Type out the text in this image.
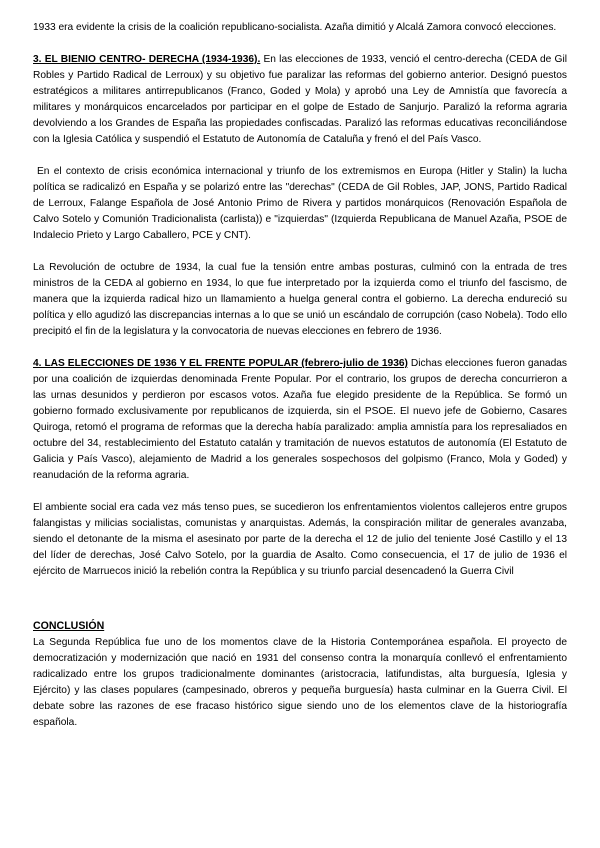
1933 era evidente la crisis de la coalición republicano-socialista. Azaña dimitió y Alcalá Zamora convocó elecciones.

3. EL BIENIO CENTRO- DERECHA (1934-1936). En las elecciones de 1933, venció el centro-derecha (CEDA de Gil Robles y Partido Radical de Lerroux) y su objetivo fue paralizar las reformas del gobierno anterior. Designó puestos estratégicos a militares antirrepublicanos (Franco, Goded y Mola) y aprobó una Ley de Amnistía que favorecía a militares y monárquicos encarcelados por participar en el golpe de Estado de Sanjurjo. Paralizó la reforma agraria devolviendo a los Grandes de España las propiedades confiscadas. Paralizó las reformas educativas reconciliándose con la Iglesia Católica y suspendió el Estatuto de Autonomía de Cataluña y frenó el del País Vasco.

En el contexto de crisis económica internacional y triunfo de los extremismos en Europa (Hitler y Stalin) la lucha política se radicalizó en España y se polarizó entre las "derechas" (CEDA de Gil Robles, JAP, JONS, Partido Radical de Lerroux, Falange Española de José Antonio Primo de Rivera y partidos monárquicos (Renovación Española de Calvo Sotelo y Comunión Tradicionalista (carlista)) e "izquierdas" (Izquierda Republicana de Manuel Azaña, PSOE de Indalecio Prieto y Largo Caballero, PCE y CNT).

La Revolución de octubre de 1934, la cual fue la tensión entre ambas posturas, culminó con la entrada de tres ministros de la CEDA al gobierno en 1934, lo que fue interpretado por la izquierda como el triunfo del fascismo, de manera que la izquierda radical hizo un llamamiento a huelga general contra el gobierno. La derecha endureció su política y ello agudizó las discrepancias internas a lo que se unió un escándalo de corrupción (caso Nobela). Todo ello precipitó el fin de la legislatura y la convocatoria de nuevas elecciones en febrero de 1936.

4. LAS ELECCIONES DE 1936 Y EL FRENTE POPULAR (febrero-julio de 1936) Dichas elecciones fueron ganadas por una coalición de izquierdas denominada Frente Popular. Por el contrario, los grupos de derecha concurrieron a las urnas desunidos y perdieron por escasos votos. Azaña fue elegido presidente de la República. Se formó un gobierno formado exclusivamente por republicanos de izquierda, sin el PSOE. El nuevo jefe de Gobierno, Casares Quiroga, retomó el programa de reformas que la derecha había paralizado: amplia amnistía para los represaliados en octubre del 34, restablecimiento del Estatuto catalán y tramitación de nuevos estatutos de autonomía (El Estatuto de Galicia y País Vasco), alejamiento de Madrid a los generales sospechosos del golpismo (Franco, Mola y Goded) y reanudación de la reforma agraria.

El ambiente social era cada vez más tenso pues, se sucedieron los enfrentamientos violentos callejeros entre grupos falangistas y milicias socialistas, comunistas y anarquistas. Además, la conspiración militar de generales avanzaba, siendo el detonante de la misma el asesinato por parte de la derecha el 12 de julio del teniente José Castillo y el 13 del líder de derechas, José Calvo Sotelo, por la guardia de Asalto. Como consecuencia, el 17 de julio de 1936 el ejército de Marruecos inició la rebelión contra la República y su triunfo parcial desencadenó la Guerra Civil

CONCLUSIÓN

La Segunda República fue uno de los momentos clave de la Historia Contemporánea española. El proyecto de democratización y modernización que nació en 1931 del consenso contra la monarquía conllevó el enfrentamiento radicalizado entre los grupos tradicionalmente dominantes (aristocracia, latifundistas, alta burguesía, Iglesia y Ejército) y las clases populares (campesinado, obreros y pequeña burguesía) hasta culminar en la Guerra Civil. El debate sobre las razones de ese fracaso histórico sigue siendo uno de los elementos clave de la historiografía española.
